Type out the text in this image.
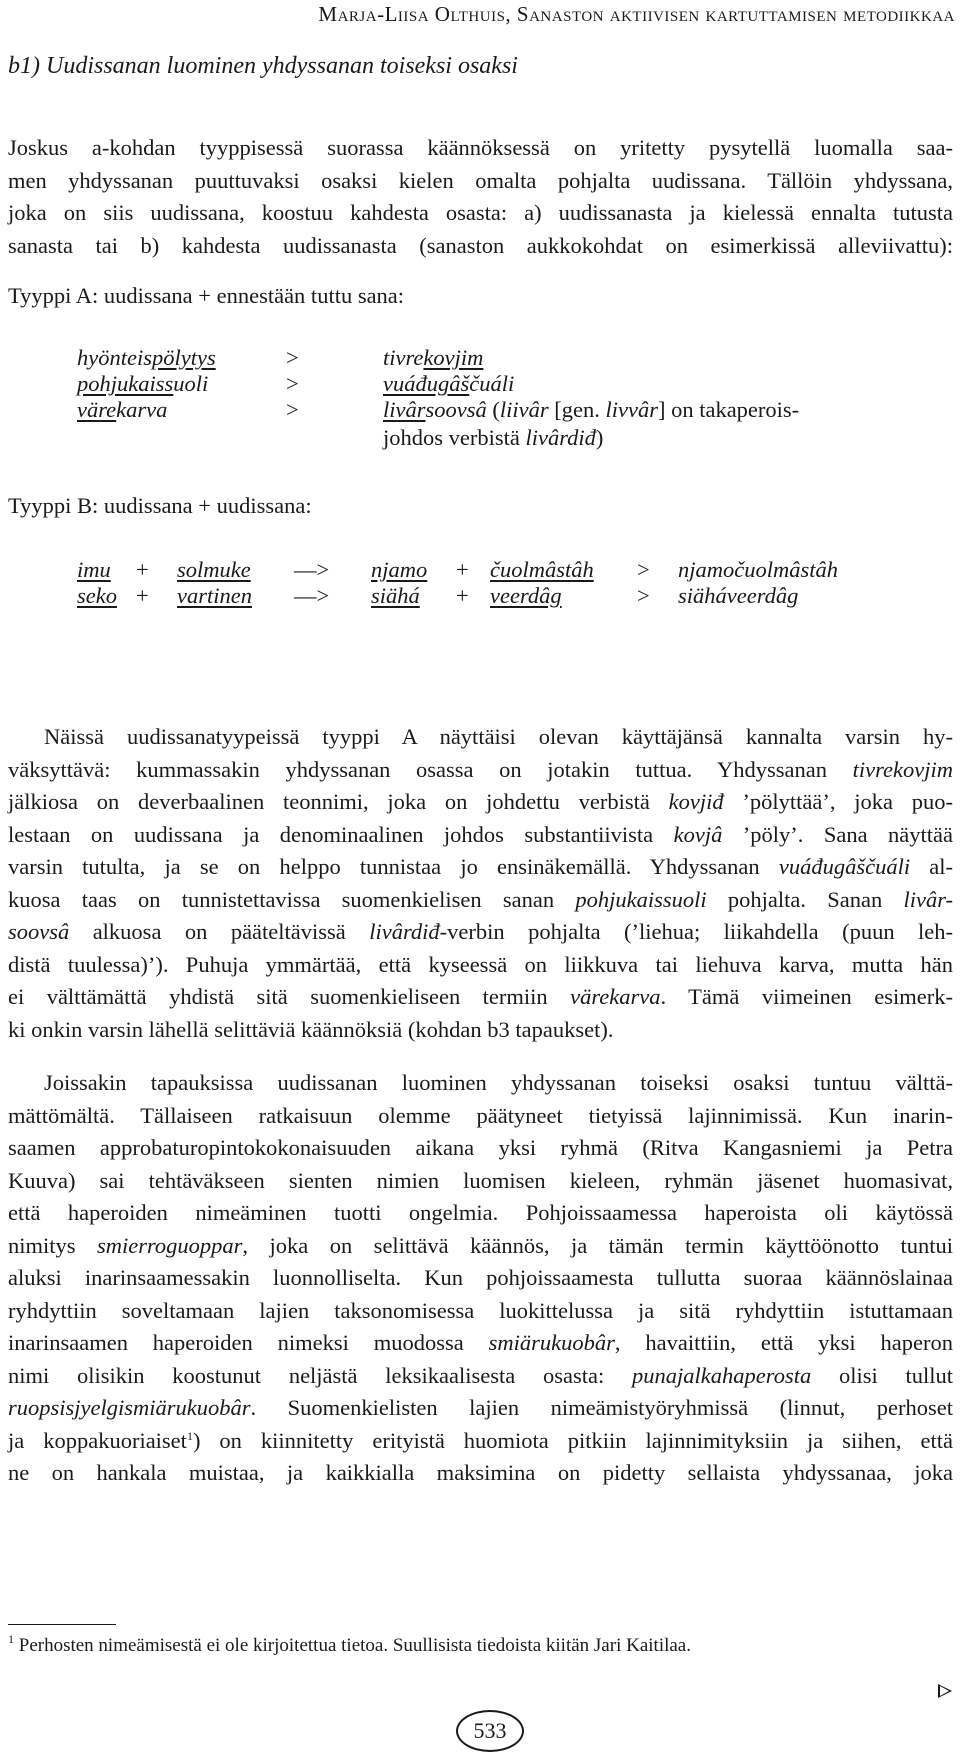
Marja-Liisa Olthuis, Sanaston aktiivisen kartuttamisen metodiikkaa
b1) Uudissanan luominen yhdyssanan toiseksi osaksi
Joskus a-kohdan tyyppisessä suorassa käännöksessä on yritetty pysytellä luomalla saa-
men yhdyssanan puuttuvaksi osaksi kielen omalta pohjalta uudissana. Tällöin yhdyssana,
joka on siis uudissana, koostuu kahdesta osasta: a) uudissanasta ja kielessä ennalta tutusta
sanasta tai b) kahdesta uudissanasta (sanaston aukkokohdat on esimerkissä alleviivattu):
Tyyppi A: uudissana + ennestään tuttu sana:
hyönteispölytys	>	tivrekovjim
pohjukaissuoli	>	vuáđugâščuáli
värekarva	>	livârsoovsâ (liivâr [gen. livvâr] on takaperois-
johdos verbistä livârdiđ)
Tyyppi B: uudissana + uudissana:
imu + solmuke —> njamo + čuolmâstâh > njamočuolmâstâh
seko + vartinen —> siähá + veerdâg	> siäháveerdâg
Näissä uudissanatyypeissä tyyppi A näyttäisi olevan käyttäjänsä kannalta varsin hy-
väksyttävä: kummassakin yhdyssanan osassa on jotakin tuttua. Yhdyssanan tivrekovjim
jälkiosa on deverbaalinen teonnimi, joka on johdettu verbistä kovjiđ ’pölyttää’, joka puo-
lestaan on uudissana ja denominaalinen johdos substantiivista kovjâ ’pöly’. Sana näyttää
varsin tutulta, ja se on helppo tunnistaa jo ensinäkemällä. Yhdyssanan vuáđugâščuáli al-
kuosa taas on tunnistettavissa suomenkielisen sanan pohjukaissuoli pohjalta. Sanan livâr-
soovsâ alkuosa on pääteltävissä livârdiđ-verbin pohjalta (’liehua; liikahdella (puun leh-
distä tuulessa)’). Puhuja ymmärtää, että kyseessä on liikkuva tai liehuva karva, mutta hän
ei välttämättä yhdistä sitä suomenkieliseen termiin värekarva. Tämä viimeinen esimerk-
ki onkin varsin lähellä selittäviä käännöksiä (kohdan b3 tapaukset).
Joissakin tapauksissa uudissanan luominen yhdyssanan toiseksi osaksi tuntuu välttä-
mättömältä. Tällaiseen ratkaisuun olemme päätyneet tietyissä lajinnimissä. Kun inarin-
saamen approbaturopintokokonaisuuden aikana yksi ryhmä (Ritva Kangasniemi ja Petra
Kuuva) sai tehtäväkseen sienten nimien luomisen kieleen, ryhmän jäsenet huomasivat,
että haperoiden nimeäminen tuotti ongelmia. Pohjoissaamessa haperoista oli käytössä
nimitys smierroguoppar, joka on selittävä käännös, ja tämän termin käyttöönotto tuntui
aluksi inarinsaamessakin luonnolliselta. Kun pohjoissaamesta tullutta suoraa käännöslainaa
ryhdyttiin soveltamaan lajien taksonomisessa luokittelussa ja sitä ryhdyttiin istuttamaan
inarinsaamen haperoiden nimeksi muodossa smiärukuobâr, havaittiin, että yksi haperon
nimi olisikin koostunut neljästä leksikaalisesta osasta: punajalkahaperosta olisi tullut
ruopsisjyelgismiärukuobâr. Suomenkielisten lajien nimeämistyöryhmissä (linnut, perhoset
ja koppakuoriaiset$^1$) on kiinnitetty erityistä huomiota pitkiin lajinnimityksiin ja siihen, että
ne on hankala muistaa, ja kaikkialla maksimina on pidetty sellaista yhdyssanaa, joka
$^1$ Perhosten nimeämisestä ei ole kirjoitettua tietoa. Suullisista tiedoista kiitän Jari Kaitilaa.
533
